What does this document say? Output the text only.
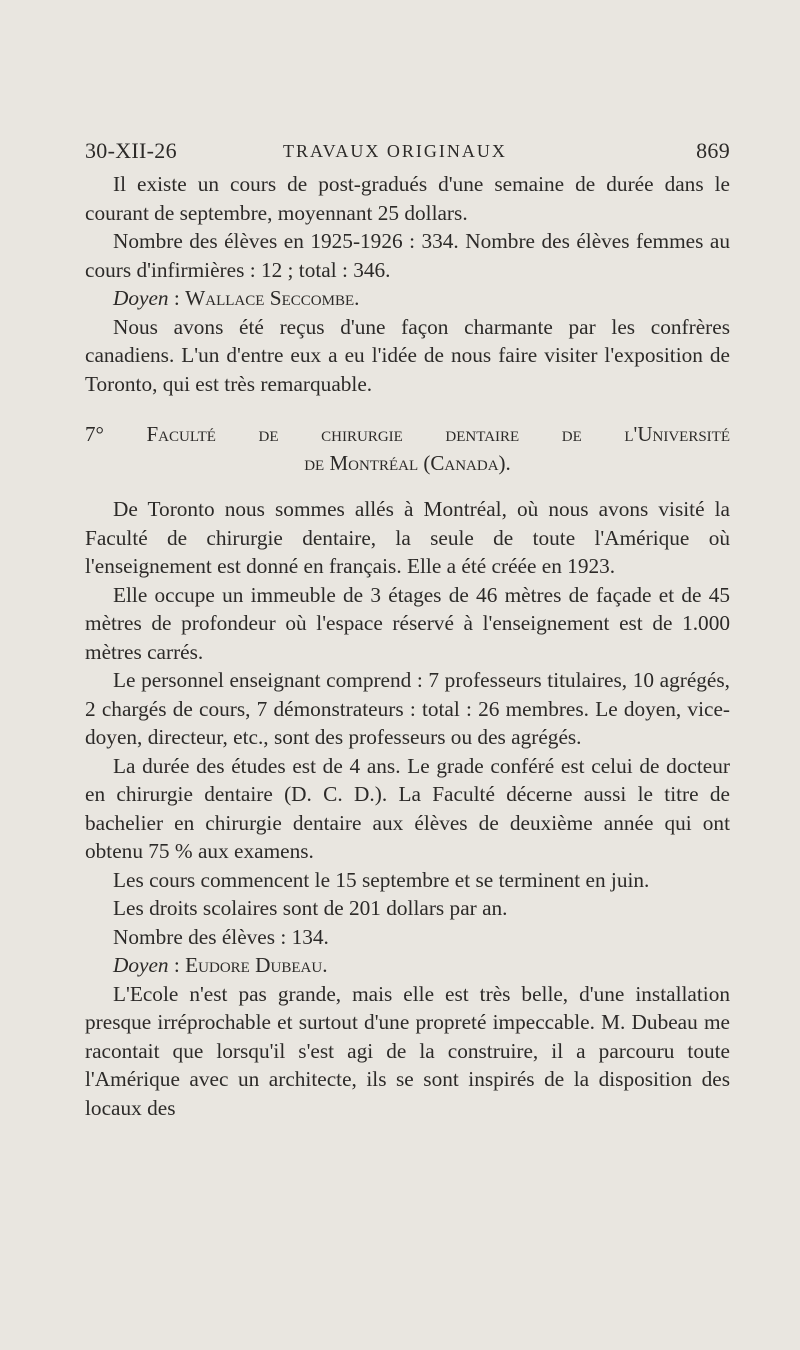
30-XII-26	TRAVAUX ORIGINAUX	869

Il existe un cours de post-gradués d'une semaine de durée dans le courant de septembre, moyennant 25 dollars.

Nombre des élèves en 1925-1926 : 334. Nombre des élèves femmes au cours d'infirmières : 12 ; total : 346.

Doyen : Wallace Seccombe.

Nous avons été reçus d'une façon charmante par les confrères canadiens. L'un d'entre eux a eu l'idée de nous faire visiter l'exposition de Toronto, qui est très remarquable.

7° Faculté de chirurgie dentaire de l'Université
de Montréal (Canada).

De Toronto nous sommes allés à Montréal, où nous avons visité la Faculté de chirurgie dentaire, la seule de toute l'Amérique où l'enseignement est donné en français. Elle a été créée en 1923.

Elle occupe un immeuble de 3 étages de 46 mètres de façade et de 45 mètres de profondeur où l'espace réservé à l'enseignement est de 1.000 mètres carrés.

Le personnel enseignant comprend : 7 professeurs titulaires, 10 agrégés, 2 chargés de cours, 7 démonstrateurs : total : 26 membres. Le doyen, vice-doyen, directeur, etc., sont des professeurs ou des agrégés.

La durée des études est de 4 ans. Le grade conféré est celui de docteur en chirurgie dentaire (D. C. D.). La Faculté décerne aussi le titre de bachelier en chirurgie dentaire aux élèves de deuxième année qui ont obtenu 75 % aux examens.

Les cours commencent le 15 septembre et se terminent en juin.

Les droits scolaires sont de 201 dollars par an.

Nombre des élèves : 134.

Doyen : Eudore Dubeau.

L'Ecole n'est pas grande, mais elle est très belle, d'une installation presque irréprochable et surtout d'une propreté impeccable. M. Dubeau me racontait que lorsqu'il s'est agi de la construire, il a parcouru toute l'Amérique avec un architecte, ils se sont inspirés de la disposition des locaux des
